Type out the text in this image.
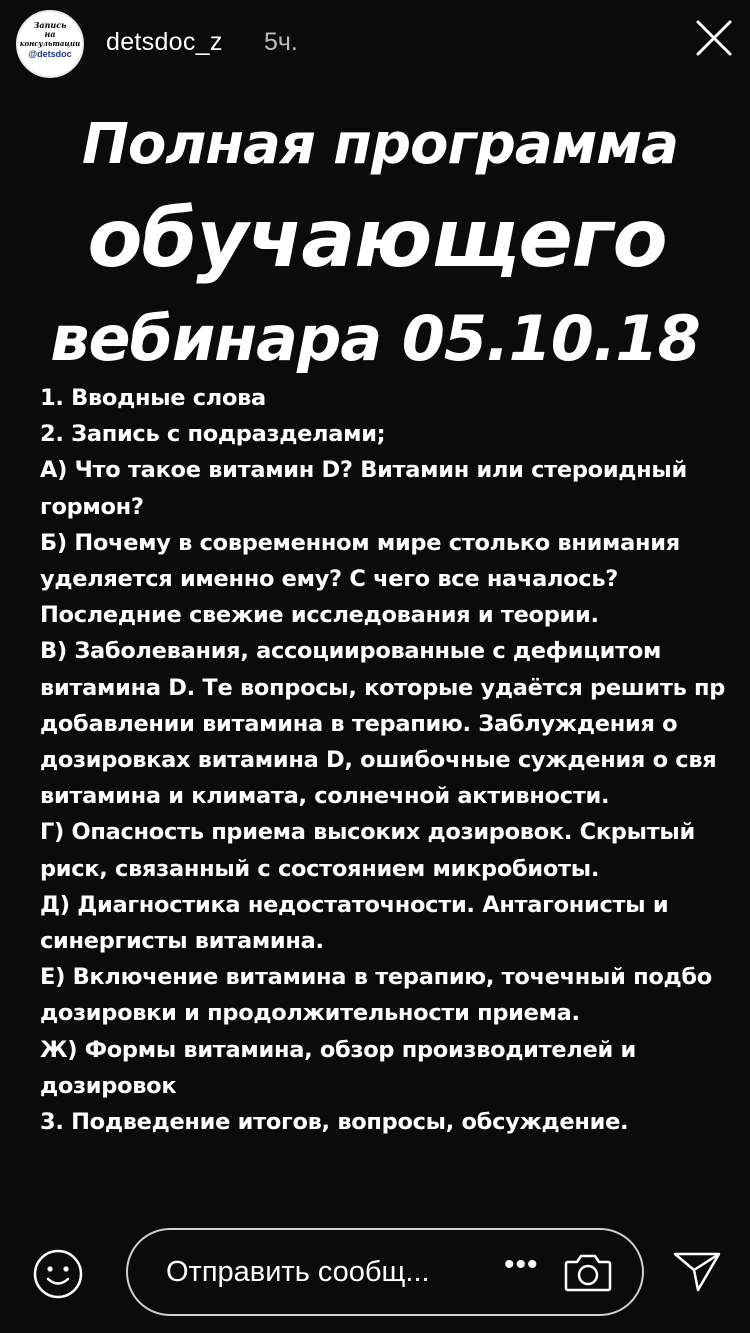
Запись
на
консультации
@detsdoc	detsdoc_z 5ч.
Полная программа
обучающего
вебинара 05.10.18
1. Вводные слова
2. Запись с подразделами;
А) Что такое витамин D? Витамин или стероидный
гормон?
Б) Почему в современном мире столько внимания
уделяется именно ему? С чего все началось?
Последние свежие исследования и теории.
В) Заболевания, ассоциированные с дефицитом
витамина D. Те вопросы, которые удаётся решить пр
добавлении витамина в терапию. Заблуждения о
дозировках витамина D, ошибочные суждения о свя
витамина и климата, солнечной активности.
Г) Опасность приема высоких дозировок. Скрытый
риск, связанный с состоянием микробиоты.
Д) Диагностика недостаточности. Антагонисты и
синергисты витамина.
Е) Включение витамина в терапию, точечный подбо
дозировки и продолжительности приема.
Ж) Формы витамина, обзор производителей и
дозировок
3. Подведение итогов, вопросы, обсуждение.
Отправить сообщ... •••
